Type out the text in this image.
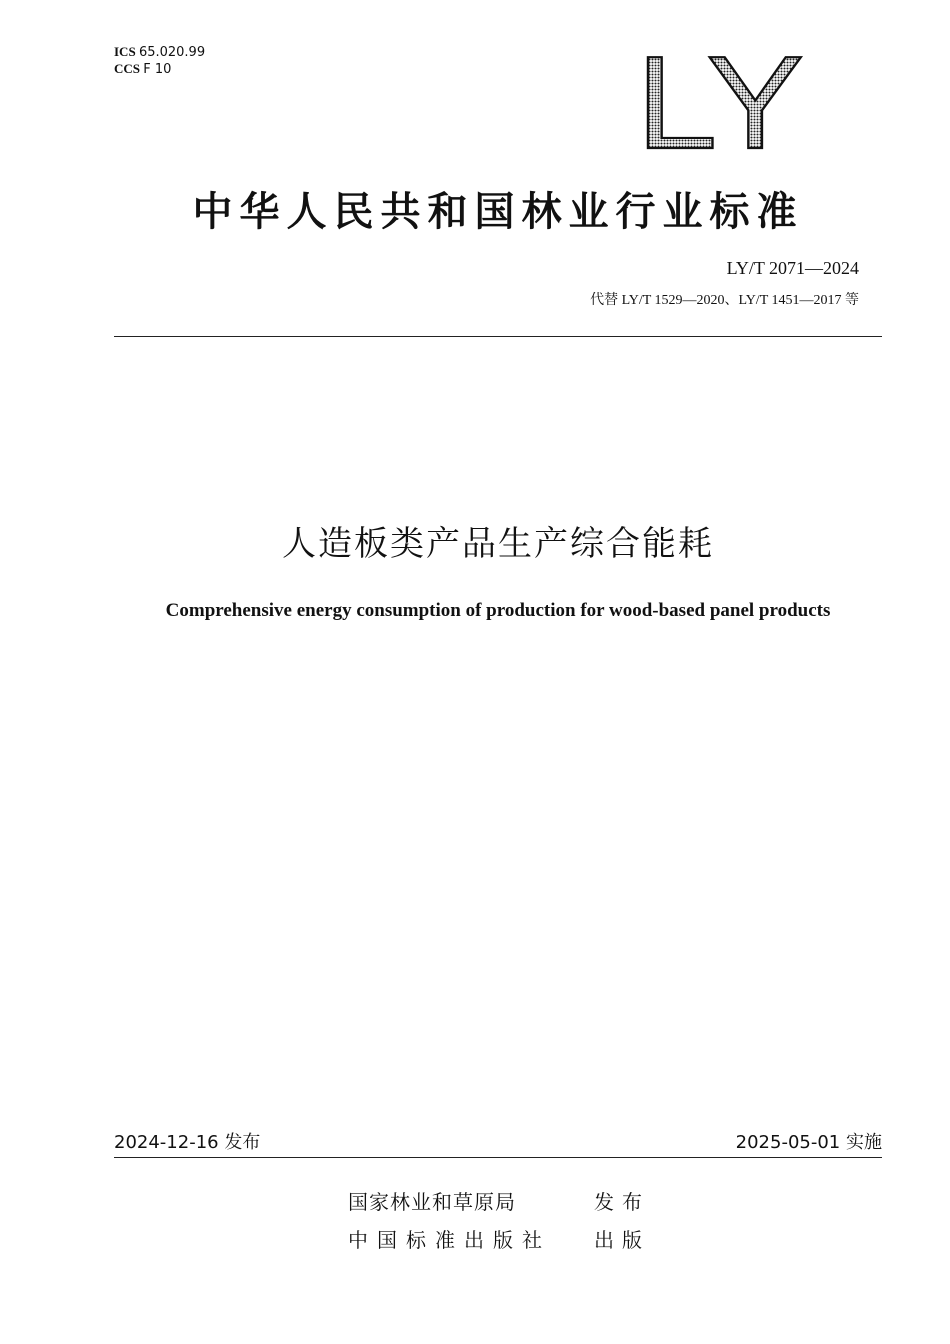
ICS 65.020.99
CCS F 10	LY
中华人民共和国林业行业标准
LY/T 2071—2024
代替 LY/T 1529—2020、LY/T 1451—2017 等
人造板类产品生产综合能耗
Comprehensive energy consumption of production for wood-based panel products
2024-12-16 发布	2025-05-01 实施
国家林业和草原局	发布
中国标准出版社 出版
